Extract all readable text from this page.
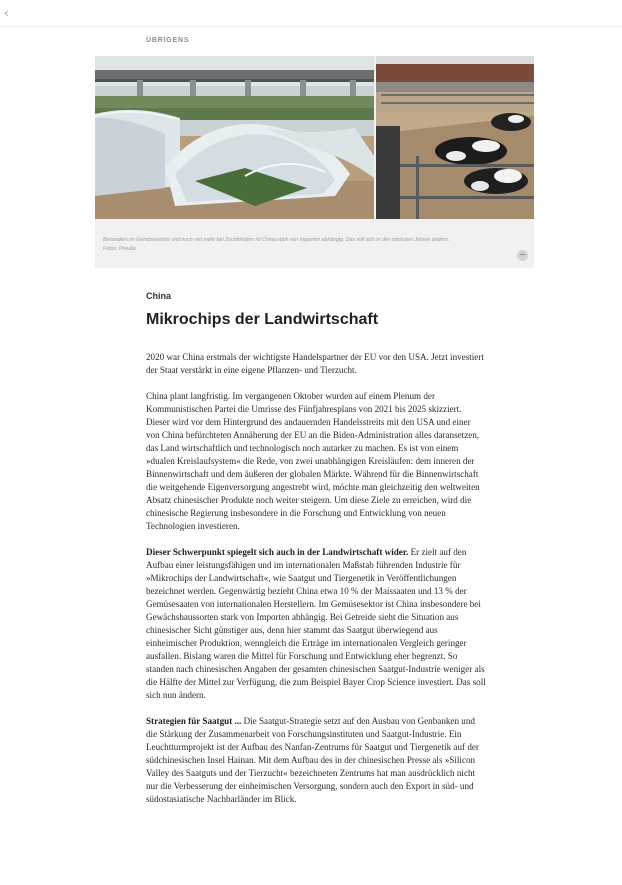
‹
ÜBRIGENS
Besonders im Gemüsesektor und noch viel mehr bei Zuchtrindern ist China stark von Importen abhängig. Das soll sich in den nächsten Jahren ändern.
Fotos: Preuße
−
China
Mikrochips der Landwirtschaft

2020 war China erstmals der wichtigste Handelspartner der EU vor den USA. Jetzt investiert der Staat verstärkt in eine eigene Pflanzen- und Tierzucht.

China plant langfristig. Im vergangenen Oktober wurden auf einem Plenum der Kommunistischen Partei die Umrisse des Fünfjahresplans von 2021 bis 2025 skizziert. Dieser wird vor dem Hintergrund des andauernden Handelsstreits mit den USA und einer von China befürchteten Annäherung der EU an die Biden-Administration alles daransetzen, das Land wirtschaftlich und technologisch noch autarker zu machen. Es ist von einem »dualen Kreislaufsystem« die Rede, von zwei unabhängigen Kreisläufen: dem inneren der Binnenwirtschaft und dem äußeren der globalen Märkte. Während für die Binnenwirtschaft die weitgehende Eigenversorgung angestrebt wird, möchte man gleichzeitig den weltweiten Absatz chinesischer Produkte noch weiter steigern. Um diese Ziele zu erreichen, wird die chinesische Regierung insbesondere in die Forschung und Entwicklung von neuen Technologien investieren.

Dieser Schwerpunkt spiegelt sich auch in der Landwirtschaft wider. Er zielt auf den Aufbau einer leistungsfähigen und im internationalen Maßstab führenden Industrie für »Mikrochips der Landwirtschaft«, wie Saatgut und Tiergenetik in Veröffentlichungen bezeichnet werden. Gegenwärtig bezieht China etwa 10 % der Maissaaten und 13 % der Gemüsesaaten von internationalen Herstellern. Im Gemüsesektor ist China insbesondere bei Gewächshaussorten stark von Importen abhängig. Bei Getreide sieht die Situation aus chinesischer Sicht günstiger aus, denn hier stammt das Saatgut überwiegend aus einheimischer Produktion, wenngleich die Erträge im internationalen Vergleich geringer ausfallen. Bislang waren die Mittel für Forschung und Entwicklung eher begrenzt. So standen nach chinesischen Angaben der gesamten chinesischen Saatgut-Industrie weniger als die Hälfte der Mittel zur Verfügung, die zum Beispiel Bayer Crop Science investiert. Das soll sich nun ändern.

Strategien für Saatgut ... Die Saatgut-Strategie setzt auf den Ausbau von Genbanken und die Stärkung der Zusammenarbeit von Forschungsinstituten und Saatgut-Industrie. Ein Leuchtturmprojekt ist der Aufbau des Nanfan-Zentrums für Saatgut und Tiergenetik auf der südchinesischen Insel Hainan. Mit dem Aufbau des in der chinesischen Presse als »Silicon Valley des Saatguts und der Tierzucht« bezeichneten Zentrums hat man ausdrücklich nicht nur die Verbesserung der einheimischen Versorgung, sondern auch den Export in süd- und südostasiatische Nachbarländer im Blick.
